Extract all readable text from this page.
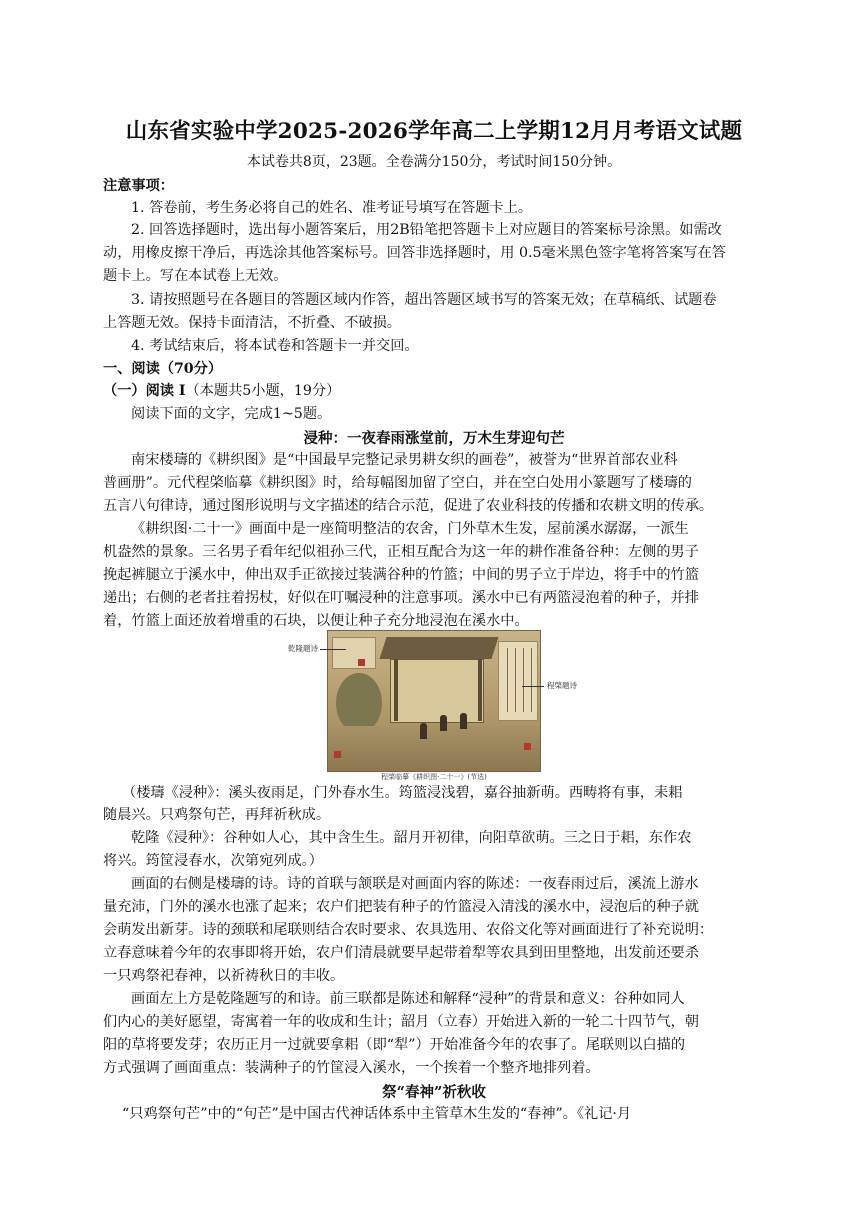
山东省实验中学2025-2026学年高二上学期12月月考语文试题
本试卷共8页，23题。全卷满分150分，考试时间150分钟。
注意事项：
1. 答卷前，考生务必将自己的姓名、准考证号填写在答题卡上。
2. 回答选择题时，选出每小题答案后，用2B铅笔把答题卡上对应题目的答案标号涂黑。如需改
动，用橡皮擦干净后，再选涂其他答案标号。回答非选择题时，用 0.5毫米黑色签字笔将答案写在答
题卡上。写在本试卷上无效。
3. 请按照题号在各题目的答题区域内作答，超出答题区域书写的答案无效；在草稿纸、试题卷
上答题无效。保持卡面清洁，不折叠、不破损。
4. 考试结束后，将本试卷和答题卡一并交回。
一、阅读（70分）
（一）阅读 I（本题共5小题，19分）
阅读下面的文字，完成1~5题。
浸种：一夜春雨涨堂前，万木生芽迎句芒
南宋楼璹的《耕织图》是“中国最早完整记录男耕女织的画卷”，被誉为“世界首部农业科
普画册”。元代程棨临摹《耕织图》时，给每幅图加留了空白，并在空白处用小篆题写了楼璹的
五言八句律诗，通过图形说明与文字描述的结合示范，促进了农业科技的传播和农耕文明的传承。
《耕织图·二十一》画面中是一座简明整洁的农舍，门外草木生发，屋前溪水潺潺，一派生
机盎然的景象。三名男子看年纪似祖孙三代，正相互配合为这一年的耕作准备谷种：左侧的男子
挽起裤腿立于溪水中，伸出双手正欲接过装满谷种的竹篮；中间的男子立于岸边，将手中的竹篮
递出；右侧的老者拄着拐杖，好似在叮嘱浸种的注意事项。溪水中已有两篮浸泡着的种子，并排
着，竹篮上面还放着增重的石块，以便让种子充分地浸泡在溪水中。
乾隆题诗
程棨题诗
程棨临摹《耕织图·二十一》(节选)
（楼璹《浸种》：溪头夜雨足，门外春水生。筠篮浸浅碧，嘉谷抽新萌。西畴将有事，耒耜
随晨兴。只鸡祭句芒，再拜祈秋成。
乾隆《浸种》：谷种如人心，其中含生生。韶月开初律，向阳草欲萌。三之日于耜，东作农
将兴。筠筐浸春水，次第宛列成。）
画面的右侧是楼璹的诗。诗的首联与颔联是对画面内容的陈述：一夜春雨过后，溪流上游水
量充沛，门外的溪水也涨了起来；农户们把装有种子的竹篮浸入清浅的溪水中，浸泡后的种子就
会萌发出新芽。诗的颈联和尾联则结合农时要求、农具选用、农俗文化等对画面进行了补充说明：
立春意味着今年的农事即将开始，农户们清晨就要早起带着犁等农具到田里整地，出发前还要杀
一只鸡祭祀春神，以祈祷秋日的丰收。
画面左上方是乾隆题写的和诗。前三联都是陈述和解释“浸种”的背景和意义：谷种如同人
们内心的美好愿望，寄寓着一年的收成和生计；韶月（立春）开始进入新的一轮二十四节气，朝
阳的草将要发芽；农历正月一过就要拿耜（即“犁”）开始准备今年的农事了。尾联则以白描的
方式强调了画面重点：装满种子的竹筐浸入溪水，一个挨着一个整齐地排列着。
祭“春神”祈秋收
“只鸡祭句芒”中的“句芒”是中国古代神话体系中主管草木生发的“春神”。《礼记·月
